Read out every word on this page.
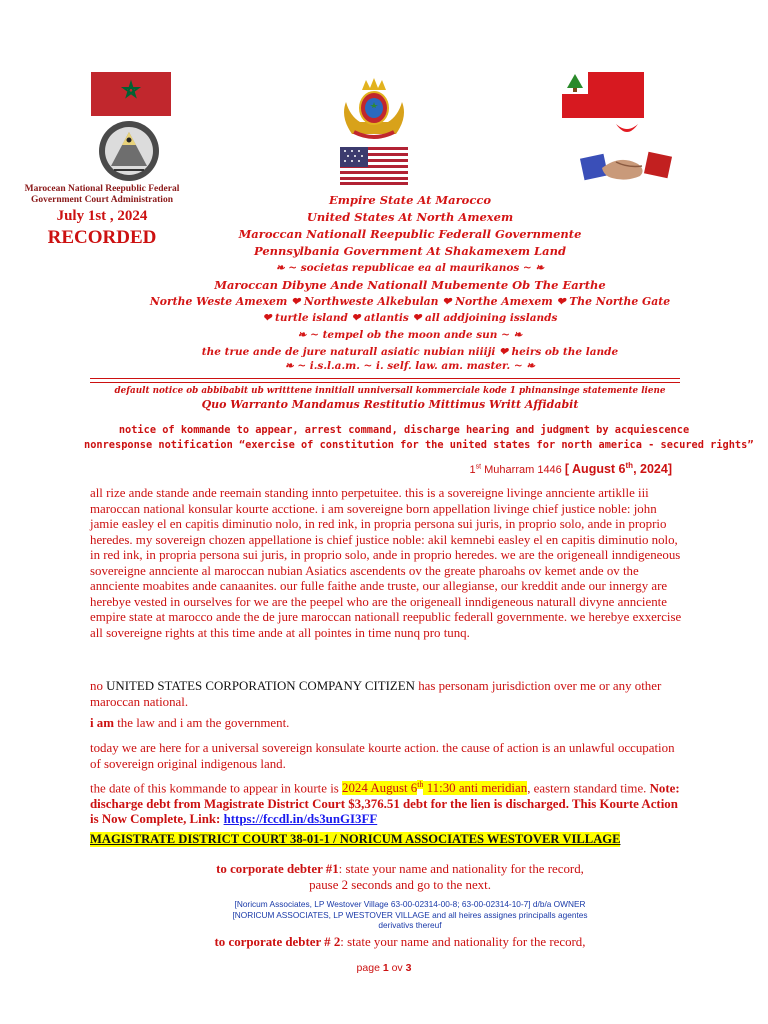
Marocean National Reepublic Federal Government Court Administration
July 1st , 2024
RECORDED
Empire State At Marocco
United States At North Amexem
Maroccan Nationall Reepublic Federall Governmente
Pennsylbania Government At Shakamexem Land
❧ ~ societas republicae ea al maurikanos ~ ❧
Maroccan Dibyne Ande Nationall Mubemente Ob The Earthe
Northe Weste Amexem ❤ Northweste Alkebulan ❤ Northe Amexem ❤ The Northe Gate
❤ turtle island ❤ atlantis ❤ all addjoining isslands
❧ ~ tempel ob the moon ande sun ~ ❧
the true ande de jure naturall asiatic nubian niiiji ❤ heirs ob the lande
❧ ~ i.s.l.a.m. ~ i. self. law. am. master. ~ ❧
default notice ob abbibabit ub writttene innitiall unniversall kommerciale kode 1 phinansinge statemente liene
Quo Warranto Mandamus Restitutio Mittimus Writt Affidabit
notice of kommande to appear, arrest command, discharge hearing and judgment by acquiescence
nonresponse notification “exercise of constitution for the united states for north america - secured rights”
1st Muharram 1446 [ August 6th, 2024]
all rize ande stande ande reemain standing innto perpetuitee. this is a sovereigne livinge annciente artiklle iii maroccan national konsular kourte acctione. i am sovereigne born appellation livinge chief justice noble: john jamie easley el en capitis diminutio nolo, in red ink, in propria persona sui juris, in proprio solo, ande in proprio heredes. my sovereign chozen appellatione is chief justice noble: akil kemnebi easley el en capitis diminutio nolo, in red ink, in propria persona sui juris, in proprio solo, ande in proprio heredes. we are the origeneall inndigeneous sovereigne annciente al maroccan nubian Asiatics ascendents ov the greate pharoahs ov kemet ande ov the annciente moabites ande canaanites. our fulle faithe ande truste, our allegianse, our kreddit ande our innergy are herebye vested in ourselves for we are the peepel who are the origeneall inndigeneous naturall divyne annciente empire state at marocco ande the de jure maroccan nationall reepublic federall governmente. we herebye exxercise all sovereigne rights at this time ande at all pointes in time nunq pro tunq.
no UNITED STATES CORPORATION COMPANY CITIZEN has personam jurisdiction over me or any other maroccan national.
i am the law and i am the government.
today we are here for a universal sovereign konsulate kourte action. the cause of action is an unlawful occupation of sovereign original indigenous land.
the date of this kommande to appear in kourte is 2024 August 6th 11:30 anti meridian, eastern standard time. Note: discharge debt from Magistrate District Court $3,376.51 debt for the lien is discharged. This Kourte Action is Now Complete, Link: https://fccdl.in/ds3unGI3FF
MAGISTRATE DISTRICT COURT 38-01-1 / NORICUM ASSOCIATES WESTOVER VILLAGE
to corporate debter #1: state your name and nationality for the record,
pause 2 seconds and go to the next.
[Noricum Associates, LP Westover Village 63-00-02314-00-8; 63-00-02314-10-7] d/b/a OWNER
[NORICUM ASSOCIATES, LP WESTOVER VILLAGE and all heires assignes principalls agentes
derivativs thereuf
to corporate debter # 2: state your name and nationality for the record,
page 1 ov 3
